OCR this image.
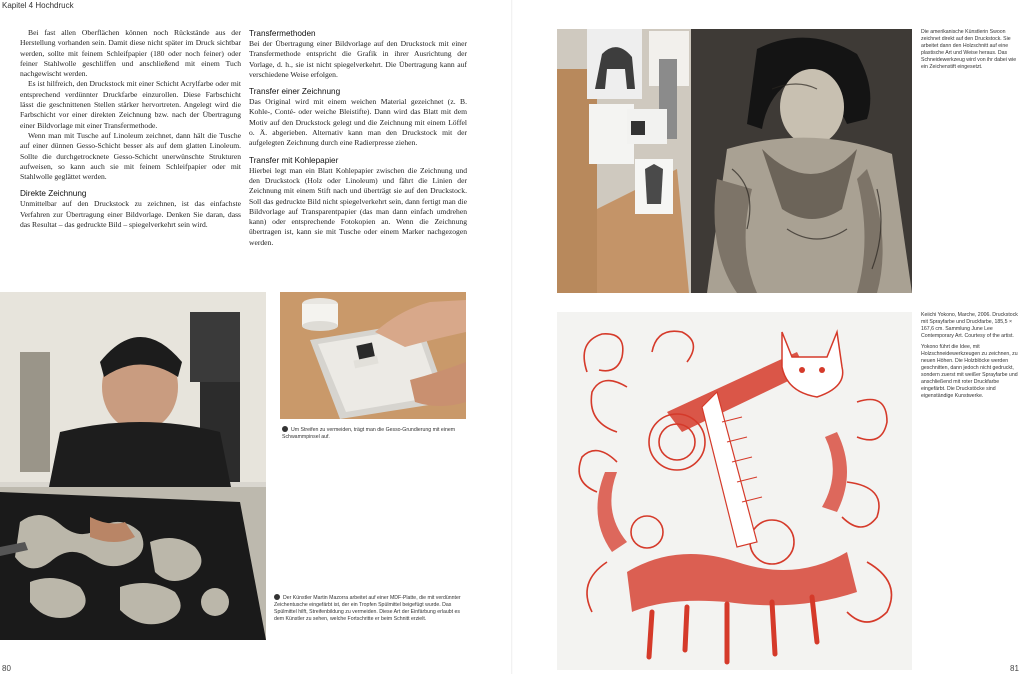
Kapitel 4 Hochdruck

Bei fast allen Oberflächen können noch Rückstände aus der Herstellung vorhanden sein. Damit diese nicht später im Druck sichtbar werden, sollte mit feinem Schleifpapier (180 oder noch feiner) oder feiner Stahlwolle geschliffen und anschließend mit einem Tuch nachgewischt werden.

Es ist hilfreich, den Druckstock mit einer Schicht Acrylfarbe oder mit entsprechend verdünnter Druckfarbe einzurollen. Diese Farbschicht lässt die geschnittenen Stellen stärker hervortreten. Angelegt wird die Farbschicht vor einer direkten Zeichnung bzw. nach der Übertragung einer Bildvorlage mit einer Transfermethode.

Wenn man mit Tusche auf Linoleum zeichnet, dann hält die Tusche auf einer dünnen Gesso-Schicht besser als auf dem glatten Linoleum. Sollte die durchgetrocknete Gesso-Schicht unerwünschte Strukturen aufweisen, so kann auch sie mit feinem Schleifpapier oder mit Stahlwolle geglättet werden.

Direkte Zeichnung

Unmittelbar auf den Druckstock zu zeichnen, ist das einfachste Verfahren zur Übertragung einer Bildvorlage. Denken Sie daran, dass das Resultat – das gedruckte Bild – spiegelverkehrt sein wird.

Transfermethoden

Bei der Übertragung einer Bildvorlage auf den Druckstock mit einer Transfermethode entspricht die Grafik in ihrer Ausrichtung der Vorlage, d. h., sie ist nicht spiegelverkehrt. Die Übertragung kann auf verschiedene Weise erfolgen.

Transfer einer Zeichnung

Das Original wird mit einem weichen Material gezeichnet (z. B. Kohle-, Conté- oder weiche Bleistifte). Dann wird das Blatt mit dem Motiv auf den Druckstock gelegt und die Zeichnung mit einem Löffel o. Ä. abgerieben. Alternativ kann man den Druckstock mit der aufgelegten Zeichnung durch eine Radierpresse ziehen.

Transfer mit Kohlepapier

Hierbei legt man ein Blatt Kohlepapier zwischen die Zeichnung und den Druckstock (Holz oder Linoleum) und fährt die Linien der Zeichnung mit einem Stift nach und überträgt sie auf den Druckstock. Soll das gedruckte Bild nicht spiegelverkehrt sein, dann fertigt man die Bildvorlage auf Transparentpapier (das man dann einfach umdrehen kann) oder entsprechende Fotokopien an. Wenn die Zeichnung übertragen ist, kann sie mit Tusche oder einem Marker nachgezogen werden.

Um Streifen zu vermeiden, trägt man die Gesso-Grundierung mit einem Schwammpinsel auf.

Der Künstler Martin Mazorra arbeitet auf einer MDF-Platte, die mit verdünnter Zeichentusche eingefärbt ist, der ein Tropfen Spülmittel beigefügt wurde. Das Spülmittel hilft, Streifenbildung zu vermeiden. Diese Art der Einfärbung erlaubt es dem Künstler zu sehen, welche Fortschritte er beim Schnitt erzielt.

80

Die amerikanische Künstlerin Swoon zeichnet direkt auf den Druckstock. Sie arbeitet dann den Holzschnitt auf eine plastische Art und Weise heraus. Das Schneidewerkzeug wird von ihr dabei wie ein Zeichenstift eingesetzt.

Keiichi Yokono, Marche, 2006. Druckstock mit Sprayfarbe und Druckfarbe, 185,5 × 167,6 cm. Sammlung June Lee Contemporary Art. Courtesy of the artist.

Yokono führt die Idee, mit Holzschneidewerkzeugen zu zeichnen, zu neuen Höhen. Die Holzblöcke werden geschnitten, dann jedoch nicht gedruckt, sondern zuerst mit weißer Sprayfarbe und anschließend mit roter Druckfarbe eingefärbt. Die Druckstöcke sind eigenständige Kunstwerke.

81
